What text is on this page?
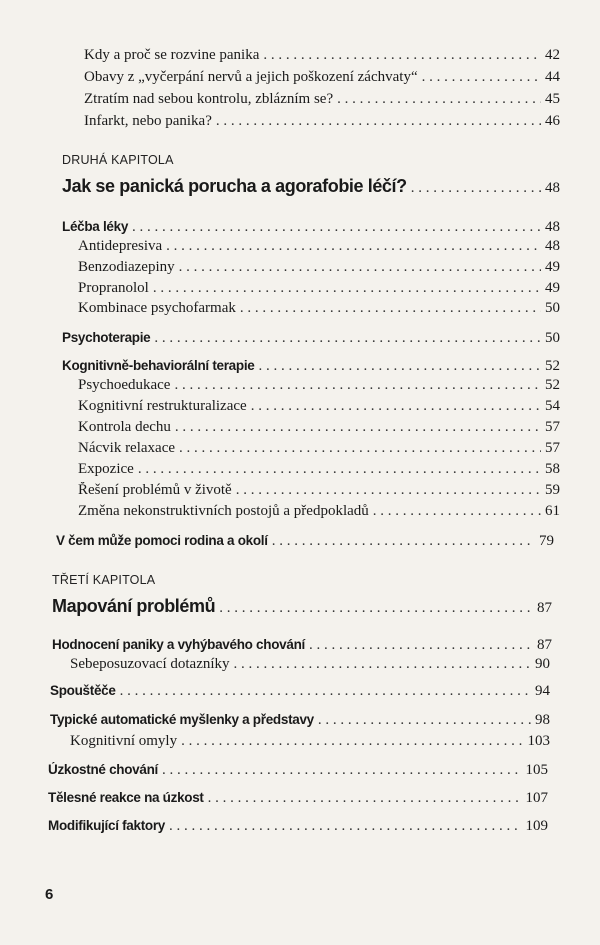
Kdy a proč se rozvine panika . . .	42
Obavy z „vyčerpání nervů a jejich poškození záchvaty“ . . .	44
Ztratím nad sebou kontrolu, zblázním se? . . .	45
Infarkt, nebo panika? . . .	46
DRUHÁ KAPITOLA
Jak se panická porucha a agorafobie léčí? . . .	48
Léčba léky . . .	48
Antidepresiva . . .	48
Benzodiazepiny . . .	49
Propranolol . . .	49
Kombinace psychofarmak . . .	50
Psychoterapie . . .	50
Kognitivně-behaviorální terapie . . .	52
Psychoedukace . . .	52
Kognitivní restrukturalizace . . .	54
Kontrola dechu . . .	57
Nácvik relaxace . . .	57
Expozice . . .	58
Řešení problémů v životě . . .	59
Změna nekonstruktivních postojů a předpokladů . . .	61
V čem může pomoci rodina a okolí . . .	79
TŘETÍ KAPITOLA
Mapování problémů . . .	87
Hodnocení paniky a vyhýbavého chování . . .	87
Sebeposuzovací dotazníky . . .	90
Spouštěče . . .	94
Typické automatické myšlenky a představy . . .	98
Kognitivní omyly . . .	103
Úzkostné chování . . .	105
Tělesné reakce na úzkost . . .	107
Modifikující faktory . . .	109
6
